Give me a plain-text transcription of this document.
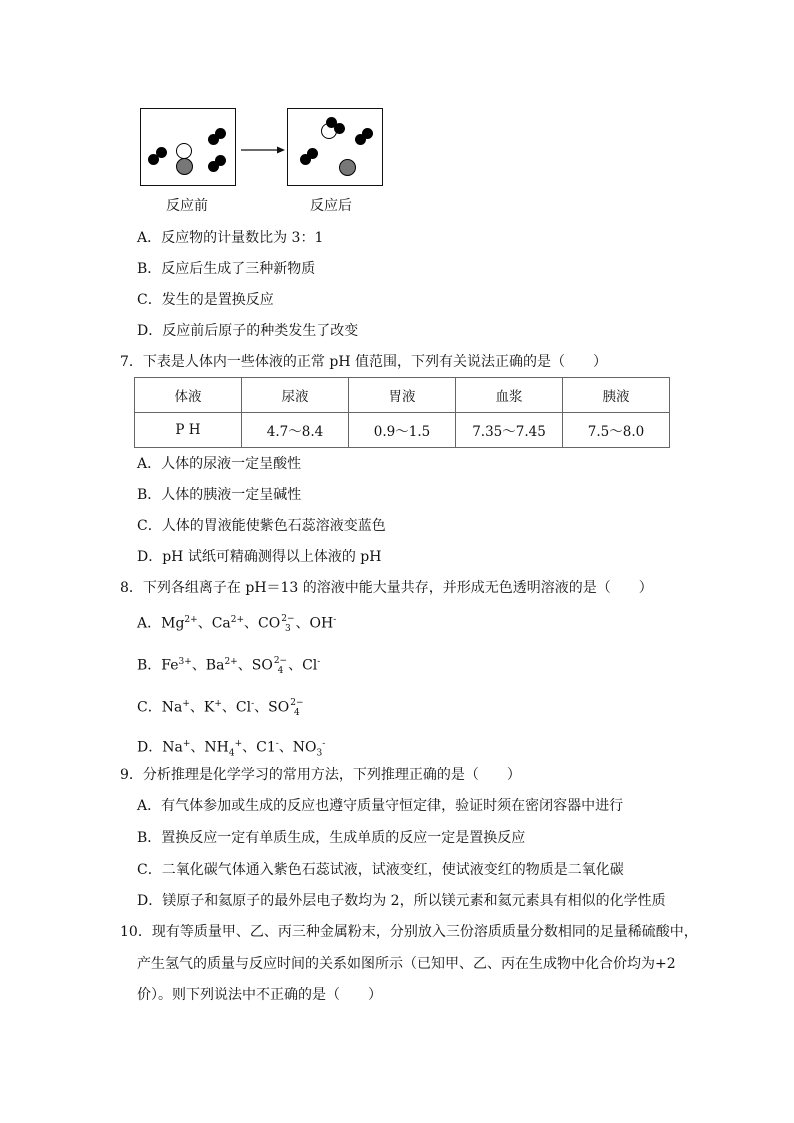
反应前	反应后
A．反应物的计量数比为 3：1
B．反应后生成了三种新物质
C．发生的是置换反应
D．反应前后原子的种类发生了改变
7．下表是人体内一些体液的正常 pH 值范围，下列有关说法正确的是（　　）
体液	尿液	胃液	血浆	胰液
P H	4.7～8.4	0.9～1.5	7.35～7.45	7.5～8.0
A．人体的尿液一定呈酸性
B．人体的胰液一定呈碱性
C．人体的胃液能使紫色石蕊溶液变蓝色
D．pH 试纸可精确测得以上体液的 pH
8．下列各组离子在 pH＝13 的溶液中能大量共存，并形成无色透明溶液的是（　　）
A．$Mg^{2+}$、$Ca^{2+}$、CO 2−
3 、OH-
B．$Fe^{3+}$、$Ba^{2+}$、SO 2−
4 、Cl-
C．Na+、K+、Cl-、SO 2−
4
D．Na+、$NH_4^+$、C1-、$NO_3^-$
9．分析推理是化学学习的常用方法，下列推理正确的是（　　）
A．有气体参加或生成的反应也遵守质量守恒定律，验证时须在密闭容器中进行
B．置换反应一定有单质生成，生成单质的反应一定是置换反应
C．二氧化碳气体通入紫色石蕊试液，试液变红，使试液变红的物质是二氧化碳
D．镁原子和氦原子的最外层电子数均为 2，所以镁元素和氦元素具有相似的化学性质
10．现有等质量甲、乙、丙三种金属粉末，分别放入三份溶质质量分数相同的足量稀硫酸中，
产生氢气的质量与反应时间的关系如图所示（已知甲、乙、丙在生成物中化合价均为+2
价）。则下列说法中不正确的是（　　）
